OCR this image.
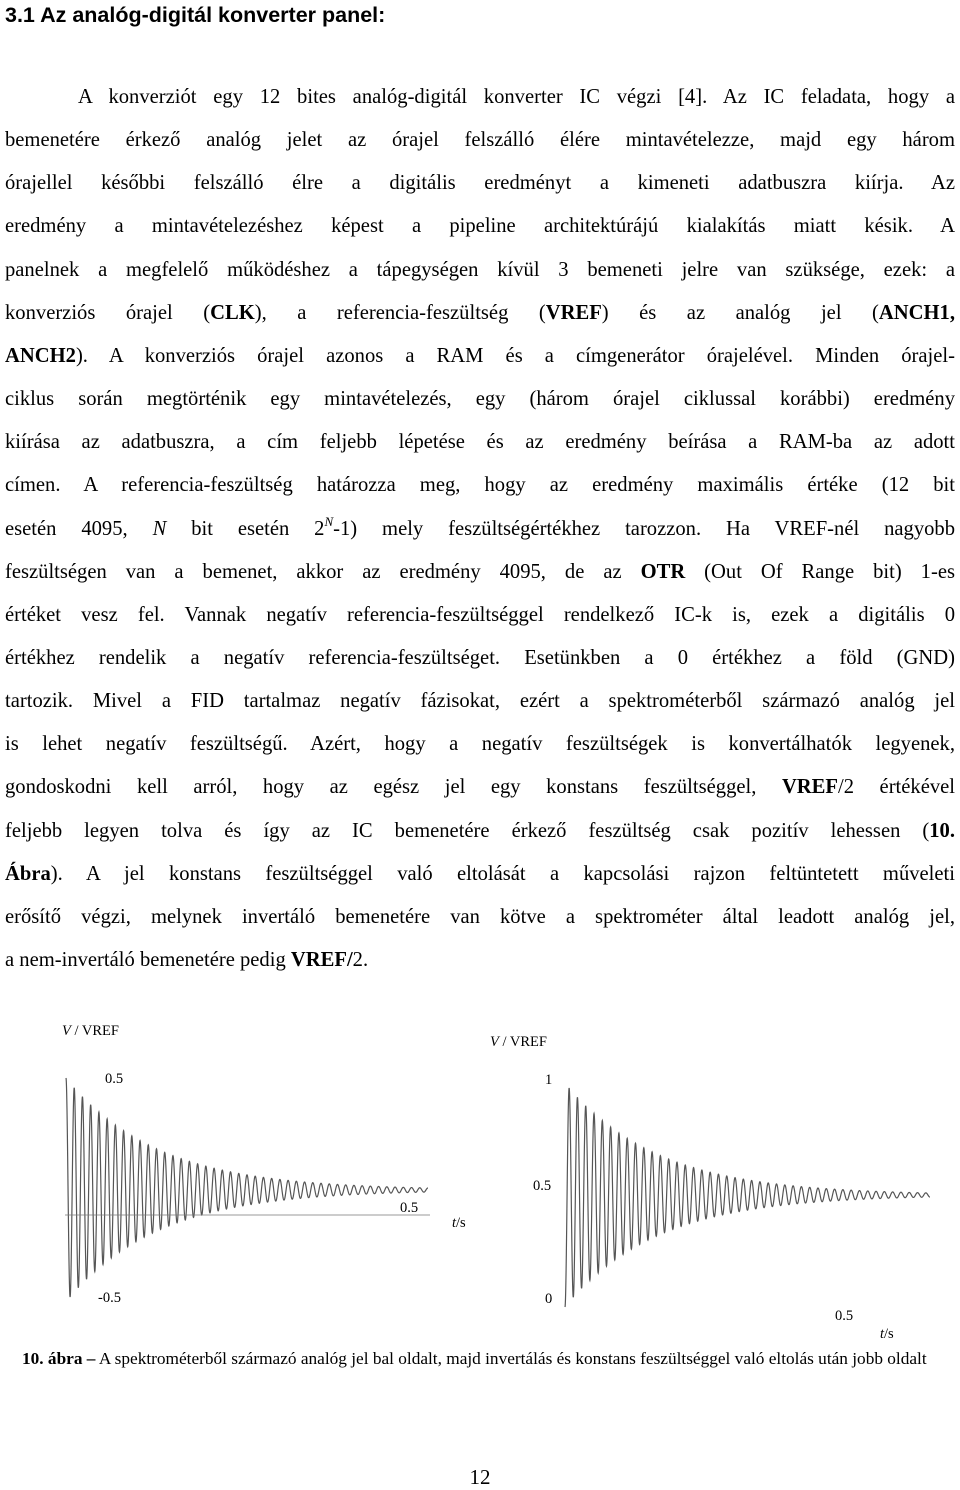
3.1 Az analóg-digitál konverter panel:
A konverziót egy 12 bites analóg-digitál konverter IC végzi [4]. Az IC feladata, hogy a
bemenetére érkező analóg jelet az órajel felszálló élére mintavételezze, majd egy három
órajellel későbbi felszálló élre a digitális eredményt a kimeneti adatbuszra kiírja. Az
eredmény a mintavételezéshez képest a pipeline architektúrájú kialakítás miatt késik. A
panelnek a megfelelő működéshez a tápegységen kívül 3 bemeneti jelre van szüksége, ezek: a
konverziós órajel (CLK), a referencia-feszültség (VREF) és az analóg jel (ANCH1,
ANCH2). A konverziós órajel azonos a RAM és a címgenerátor órajelével. Minden órajel-
ciklus során megtörténik egy mintavételezés, egy (három órajel ciklussal korábbi) eredmény
kiírása az adatbuszra, a cím feljebb lépetése és az eredmény beírása a RAM-ba az adott
címen. A referencia-feszültség határozza meg, hogy az eredmény maximális értéke (12 bit
esetén 4095, N bit esetén $2^N-1$) mely feszültségértékhez tarozzon. Ha VREF-nél nagyobb
feszültségen van a bemenet, akkor az eredmény 4095, de az OTR (Out Of Range bit) 1-es
értéket vesz fel. Vannak negatív referencia-feszültséggel rendelkező IC-k is, ezek a digitális 0
értékhez rendelik a negatív referencia-feszültséget. Esetünkben a 0 értékhez a föld (GND)
tartozik. Mivel a FID tartalmaz negatív fázisokat, ezért a spektrométerből származó analóg jel
is lehet negatív feszültségű. Azért, hogy a negatív feszültségek is konvertálhatók legyenek,
gondoskodni kell arról, hogy az egész jel egy konstans feszültséggel, VREF/2 értékével
feljebb legyen tolva és így az IC bemenetére érkező feszültség csak pozitív lehessen (10.
Ábra). A jel konstans feszültséggel való eltolását a kapcsolási rajzon feltüntetett műveleti
erősítő végzi, melynek invertáló bemenetére van kötve a spektrométer által leadott analóg jel,
a nem-invertáló bemenetére pedig VREF/2.
V / VREF
0.5
-0.5
0.5
t/s
V / VREF
1
0.5
0
0.5
t/s
10. ábra – A spektrométerből származó analóg jel bal oldalt, majd invertálás és konstans feszültséggel való eltolás után jobb oldalt
12
